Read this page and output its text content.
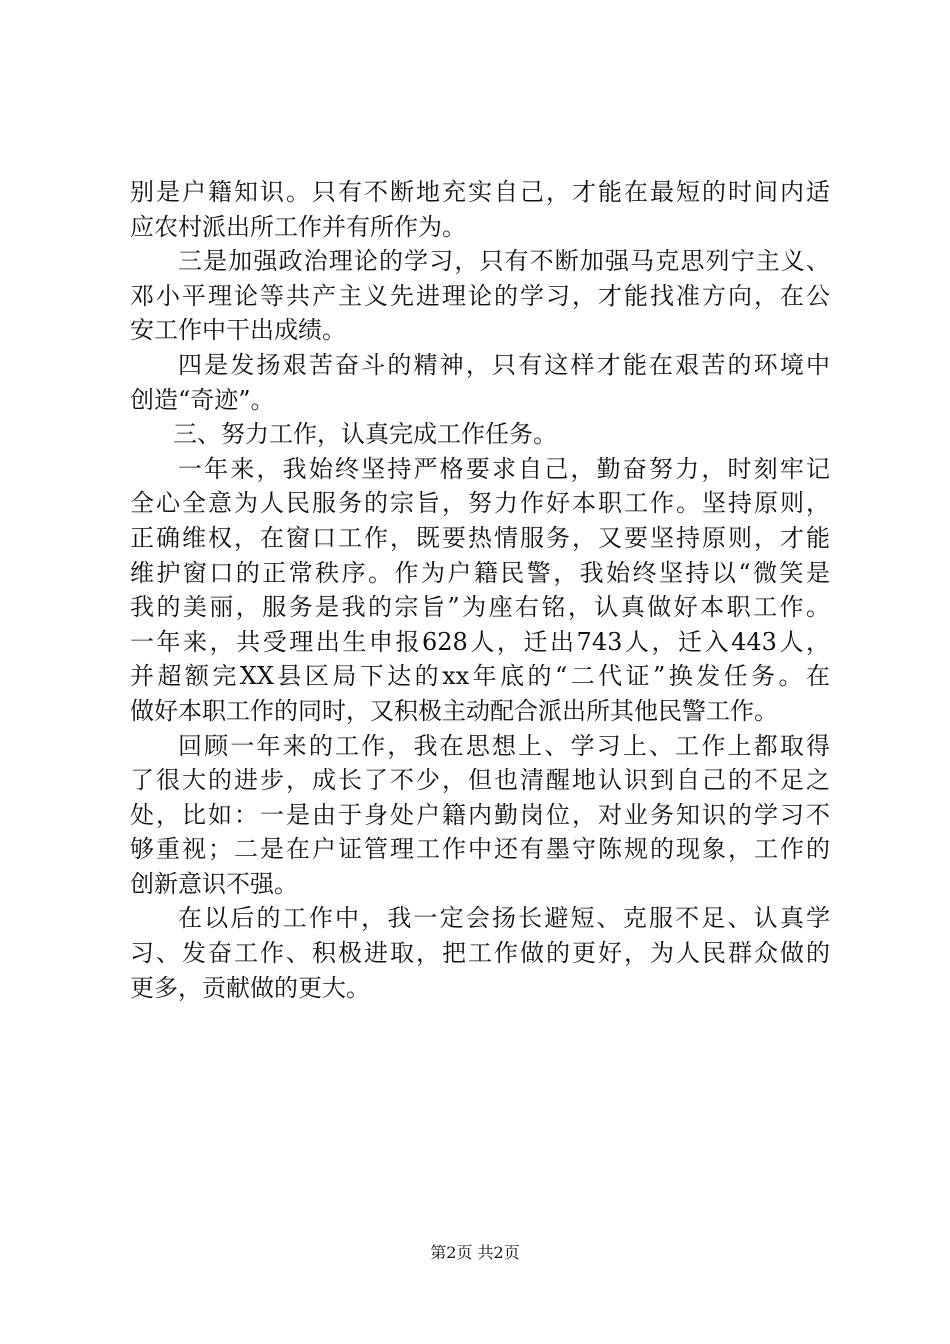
别是户籍知识。只有不断地充实自己，才能在最短的时间内适
应农村派出所工作并有所作为。
三是加强政治理论的学习，只有不断加强马克思列宁主义、
邓小平理论等共产主义先进理论的学习，才能找准方向，在公
安工作中干出成绩。
四是发扬艰苦奋斗的精神，只有这样才能在艰苦的环境中
创造“奇迹”。
三、努力工作，认真完成工作任务。
一年来，我始终坚持严格要求自己，勤奋努力，时刻牢记
全心全意为人民服务的宗旨，努力作好本职工作。坚持原则，
正确维权，在窗口工作，既要热情服务，又要坚持原则，才能
维护窗口的正常秩序。作为户籍民警，我始终坚持以“微笑是
我的美丽，服务是我的宗旨”为座右铭，认真做好本职工作。
一年来，共受理出生申报628人，迁出743人，迁入443人，
并超额完XX县区局下达的xx年底的“二代证”换发任务。在
做好本职工作的同时，又积极主动配合派出所其他民警工作。
回顾一年来的工作，我在思想上、学习上、工作上都取得
了很大的进步，成长了不少，但也清醒地认识到自己的不足之
处，比如：一是由于身处户籍内勤岗位，对业务知识的学习不
够重视；二是在户证管理工作中还有墨守陈规的现象，工作的
创新意识不强。
在以后的工作中，我一定会扬长避短、克服不足、认真学
习、发奋工作、积极进取，把工作做的更好，为人民群众做的
更多，贡献做的更大。
第2页 共2页
